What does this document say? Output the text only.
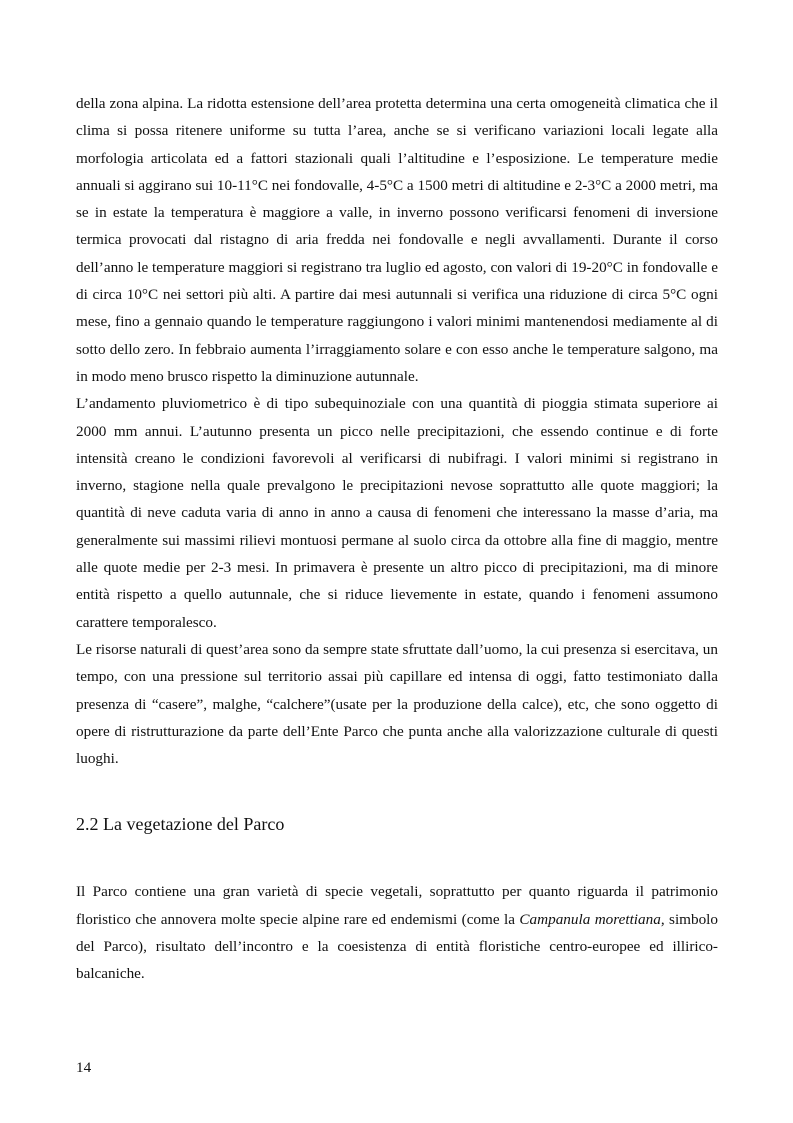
della zona alpina. La ridotta estensione dell’area protetta determina una certa omogeneità climatica che il clima si possa ritenere uniforme su tutta l’area, anche se si verificano variazioni locali legate alla morfologia articolata ed a fattori stazionali quali l’altitudine e l’esposizione. Le temperature medie annuali si aggirano sui 10-11°C nei fondovalle, 4-5°C a 1500 metri di altitudine e 2-3°C a 2000 metri, ma se in estate la temperatura è maggiore a valle, in inverno possono verificarsi fenomeni di inversione termica provocati dal ristagno di aria fredda nei fondovalle e negli avvallamenti. Durante il corso dell’anno le temperature maggiori si registrano tra luglio ed agosto, con valori di 19-20°C in fondovalle e di circa 10°C nei settori più alti. A partire dai mesi autunnali si verifica una riduzione di circa 5°C ogni mese, fino a gennaio quando le temperature raggiungono i valori minimi mantenendosi mediamente al di sotto dello zero. In febbraio aumenta l’irraggiamento solare e con esso anche le temperature salgono, ma in modo meno brusco rispetto la diminuzione autunnale.

L’andamento pluviometrico è di tipo subequinoziale con una quantità di pioggia stimata superiore ai 2000 mm annui. L’autunno presenta un picco nelle precipitazioni, che essendo continue e di forte intensità creano le condizioni favorevoli al verificarsi di nubifragi. I valori minimi si registrano in inverno, stagione nella quale prevalgono le precipitazioni nevose soprattutto alle quote maggiori; la quantità di neve caduta varia di anno in anno a causa di fenomeni che interessano la masse d’aria, ma generalmente sui massimi rilievi montuosi permane al suolo circa da ottobre alla fine di maggio, mentre alle quote medie per 2-3 mesi. In primavera è presente un altro picco di precipitazioni, ma di minore entità rispetto a quello autunnale, che si riduce lievemente in estate, quando i fenomeni assumono carattere temporalesco.

Le risorse naturali di quest’area sono da sempre state sfruttate dall’uomo, la cui presenza si esercitava, un tempo, con una pressione sul territorio assai più capillare ed intensa di oggi, fatto testimoniato dalla presenza di “casere”, malghe, “calchere”(usate per la produzione della calce), etc, che sono oggetto di opere di ristrutturazione da parte dell’Ente Parco che punta anche alla valorizzazione culturale di questi luoghi.

2.2 La vegetazione del Parco

Il Parco contiene una gran varietà di specie vegetali, soprattutto per quanto riguarda il patrimonio floristico che annovera molte specie alpine rare ed endemismi (come la Campanula morettiana, simbolo del Parco), risultato dell’incontro e la coesistenza di entità floristiche centro-europee ed illirico-balcaniche.

14
